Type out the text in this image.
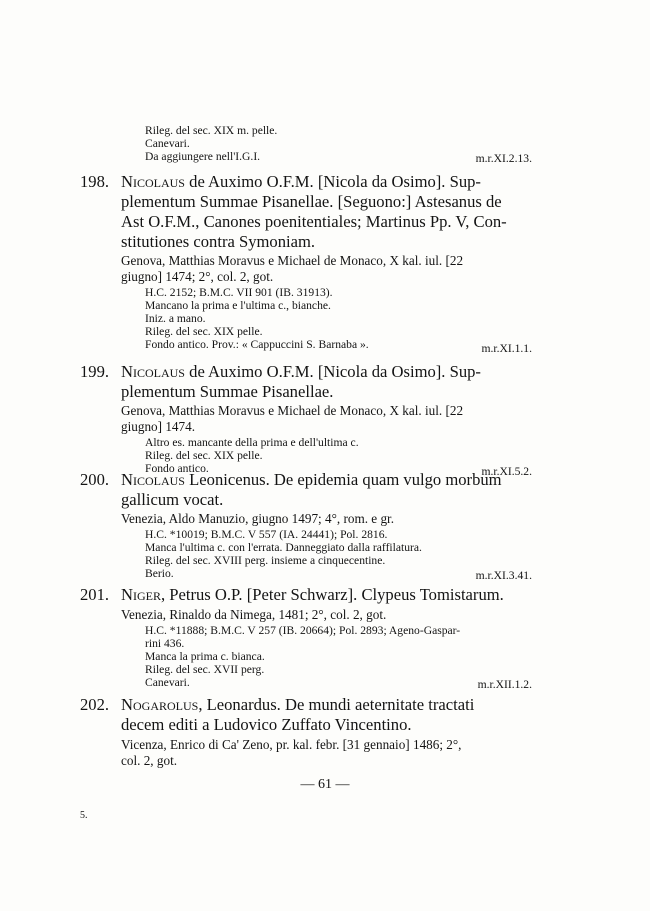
Rileg. del sec. XIX m. pelle.
Canevari.
Da aggiungere nell'I.G.I.	m.r.XI.2.13.
198. Nicolaus de Auximo O.F.M. [Nicola da Osimo]. Sup-
plementum Summae Pisanellae. [Seguono:] Astesanus de
Ast O.F.M., Canones poenitentiales; Martinus Pp. V, Con-
stitutiones contra Symoniam.
Genova, Matthias Moravus e Michael de Monaco, X kal. iul. [22
giugno] 1474; 2°, col. 2, got.
H.C. 2152; B.M.C. VII 901 (IB. 31913).
Mancano la prima e l'ultima c., bianche.
Iniz. a mano.
Rileg. del sec. XIX pelle.
Fondo antico. Prov.: « Cappuccini S. Barnaba ».	m.r.XI.1.1.
199. Nicolaus de Auximo O.F.M. [Nicola da Osimo]. Sup-
plementum Summae Pisanellae.
Genova, Matthias Moravus e Michael de Monaco, X kal. iul. [22
giugno] 1474.
Altro es. mancante della prima e dell'ultima c.
Rileg. del sec. XIX pelle.
Fondo antico.	m.r.XI.5.2.
200. Nicolaus Leonicenus. De epidemia quam vulgo morbum
gallicum vocat.
Venezia, Aldo Manuzio, giugno 1497; 4°, rom. e gr.
H.C. *10019; B.M.C. V 557 (IA. 24441); Pol. 2816.
Manca l'ultima c. con l'errata. Danneggiato dalla raffilatura.
Rileg. del sec. XVIII perg. insieme a cinquecentine.
Berio.	m.r.XI.3.41.
201. Niger, Petrus O.P. [Peter Schwarz]. Clypeus Tomistarum.
Venezia, Rinaldo da Nimega, 1481; 2°, col. 2, got.
H.C. *11888; B.M.C. V 257 (IB. 20664); Pol. 2893; Ageno-Gaspar-
rini 436.
Manca la prima c. bianca.
Rileg. del sec. XVII perg.
Canevari.	m.r.XII.1.2.
202. Nogarolus, Leonardus. De mundi aeternitate tractati
decem editi a Ludovico Zuffato Vincentino.
Vicenza, Enrico di Ca' Zeno, pr. kal. febr. [31 gennaio] 1486; 2°,
col. 2, got.
— 61 —
5.
